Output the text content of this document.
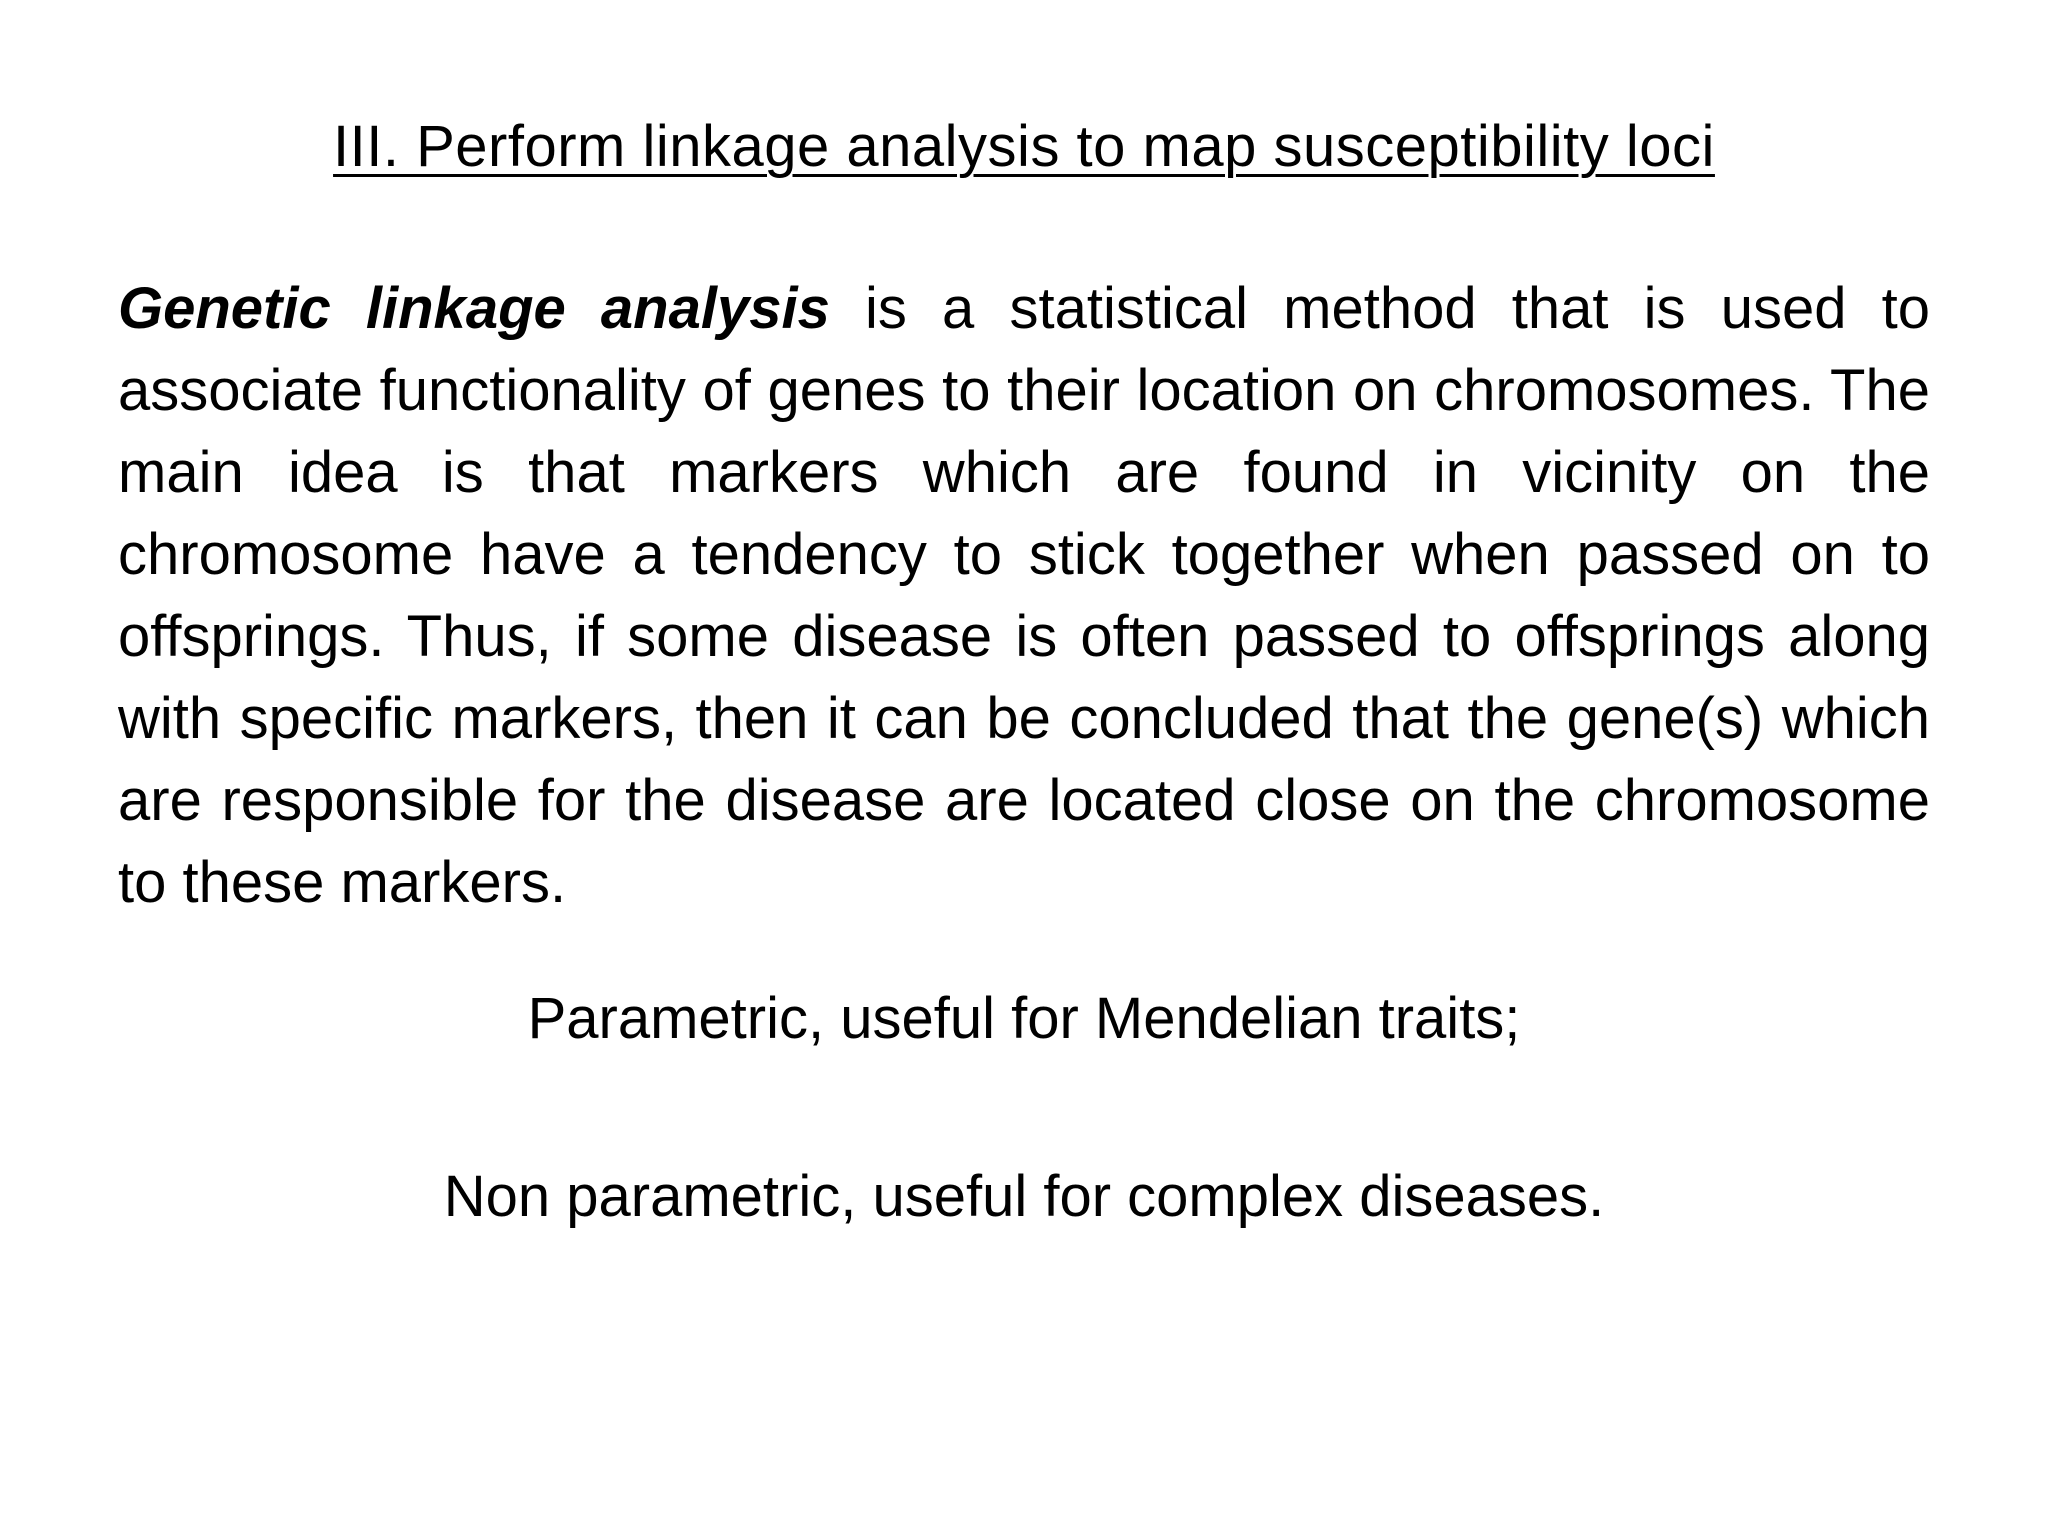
III. Perform linkage analysis to map susceptibility loci
Genetic linkage analysis is a statistical method that is used to associate functionality of genes to their location on chromosomes. The main idea is that markers which are found in vicinity on the chromosome have a tendency to stick together when passed on to offsprings. Thus, if some disease is often passed to offsprings along with specific markers, then it can be concluded that the gene(s) which are responsible for the disease are located close on the chromosome to these markers.
Parametric, useful for Mendelian traits;
Non parametric, useful for complex diseases.
